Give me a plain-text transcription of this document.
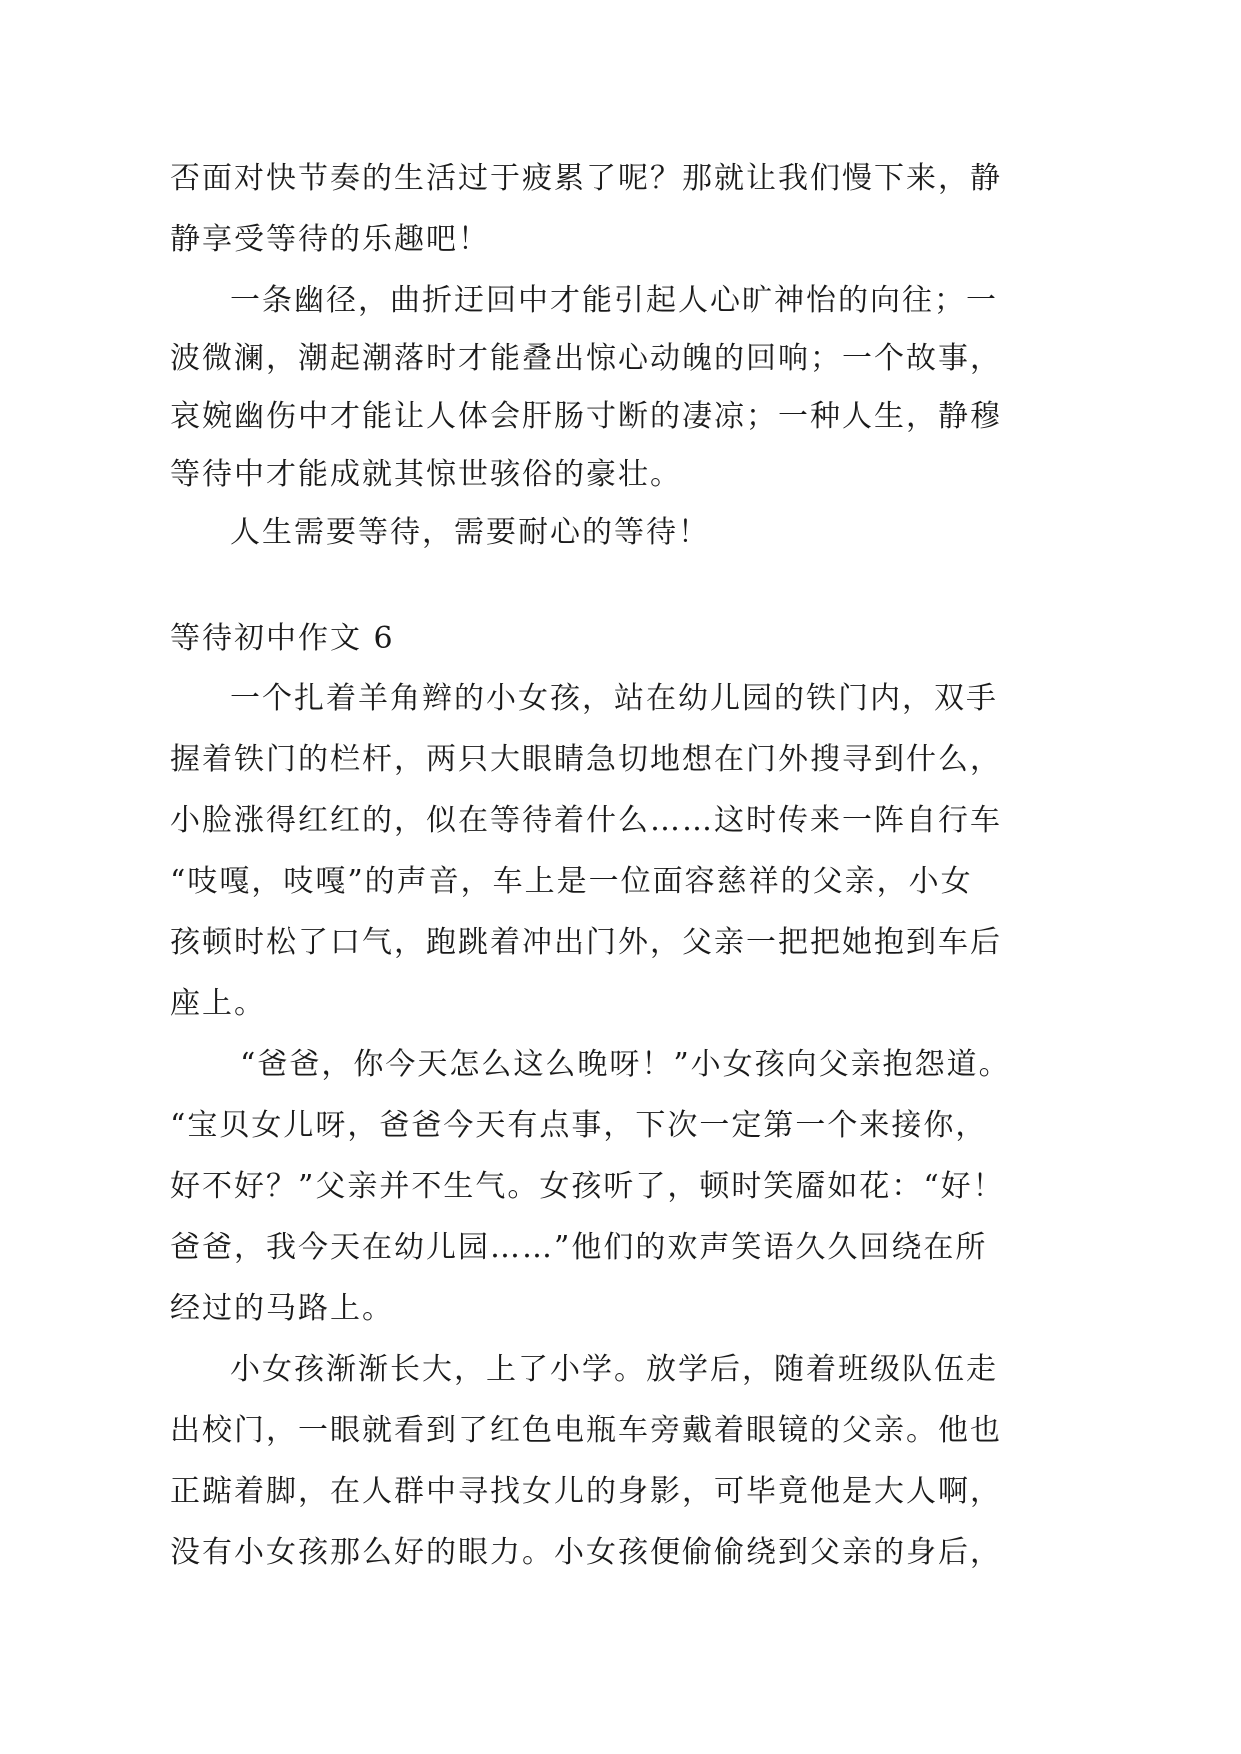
否面对快节奏的生活过于疲累了呢？那就让我们慢下来，静
静享受等待的乐趣吧！
一条幽径，曲折迂回中才能引起人心旷神怡的向往；一
波微澜，潮起潮落时才能叠出惊心动魄的回响；一个故事，
哀婉幽伤中才能让人体会肝肠寸断的凄凉；一种人生，静穆
等待中才能成就其惊世骇俗的豪壮。
人生需要等待，需要耐心的等待！
等待初中作文 6
一个扎着羊角辫的小女孩，站在幼儿园的铁门内，双手
握着铁门的栏杆，两只大眼睛急切地想在门外搜寻到什么，
小脸涨得红红的，似在等待着什么……这时传来一阵自行车
“吱嘎，吱嘎”的声音，车上是一位面容慈祥的父亲，小女
孩顿时松了口气，跑跳着冲出门外，父亲一把把她抱到车后
座上。
“爸爸，你今天怎么这么晚呀！”小女孩向父亲抱怨道。
“宝贝女儿呀，爸爸今天有点事，下次一定第一个来接你，
好不好？”父亲并不生气。女孩听了，顿时笑靥如花：“好！
爸爸，我今天在幼儿园……”他们的欢声笑语久久回绕在所
经过的马路上。
小女孩渐渐长大，上了小学。放学后，随着班级队伍走
出校门，一眼就看到了红色电瓶车旁戴着眼镜的父亲。他也
正踮着脚，在人群中寻找女儿的身影，可毕竟他是大人啊，
没有小女孩那么好的眼力。小女孩便偷偷绕到父亲的身后，
